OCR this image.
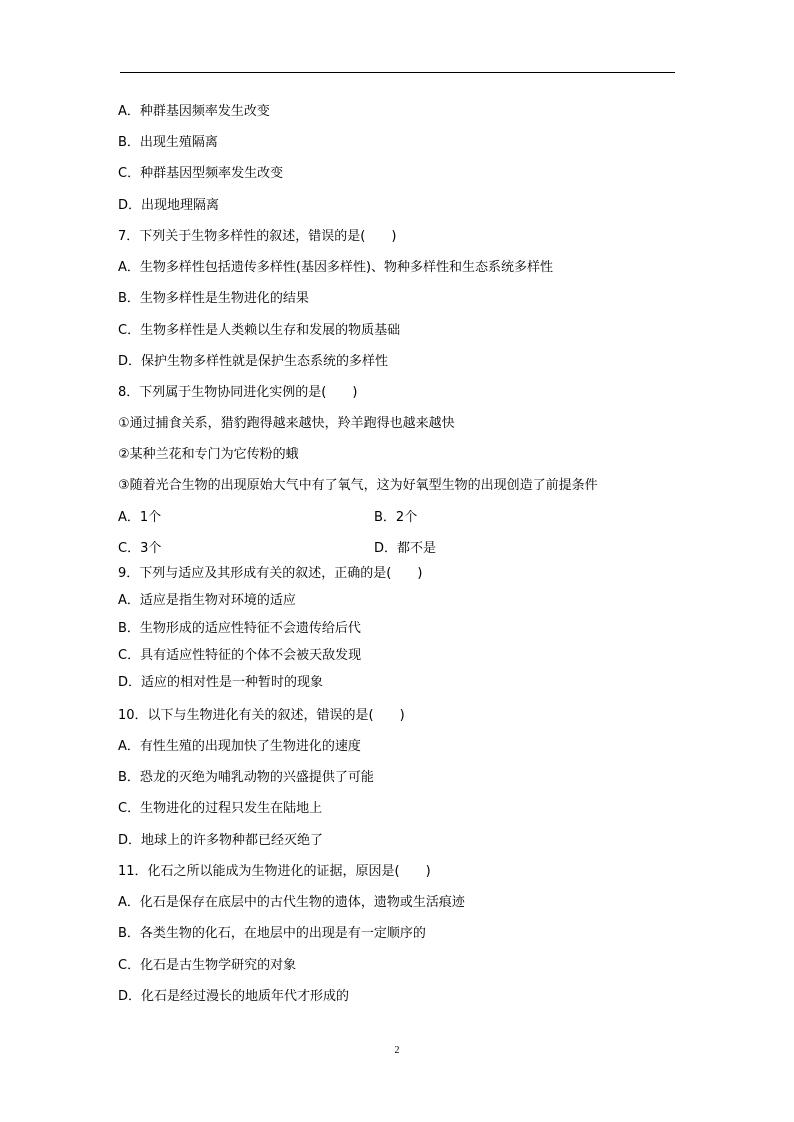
A．种群基因频率发生改变
B．出现生殖隔离
C．种群基因型频率发生改变
D．出现地理隔离
7．下列关于生物多样性的叙述，错误的是(　　)
A．生物多样性包括遗传多样性(基因多样性)、物种多样性和生态系统多样性
B．生物多样性是生物进化的结果
C．生物多样性是人类赖以生存和发展的物质基础
D．保护生物多样性就是保护生态系统的多样性
8．下列属于生物协同进化实例的是(　　)
①通过捕食关系，猎豹跑得越来越快，羚羊跑得也越来越快
②某种兰花和专门为它传粉的蛾
③随着光合生物的出现原始大气中有了氧气，这为好氧型生物的出现创造了前提条件
A．1个	B．2个
C．3个	D．都不是
9．下列与适应及其形成有关的叙述，正确的是(　　)
A．适应是指生物对环境的适应
B．生物形成的适应性特征不会遗传给后代
C．具有适应性特征的个体不会被天敌发现
D．适应的相对性是一种暂时的现象
10．以下与生物进化有关的叙述，错误的是(　　)
A．有性生殖的出现加快了生物进化的速度
B．恐龙的灭绝为哺乳动物的兴盛提供了可能
C．生物进化的过程只发生在陆地上
D．地球上的许多物种都已经灭绝了
11．化石之所以能成为生物进化的证据，原因是(　　)
A．化石是保存在底层中的古代生物的遗体，遗物或生活痕迹
B．各类生物的化石，在地层中的出现是有一定顺序的
C．化石是古生物学研究的对象
D．化石是经过漫长的地质年代才形成的
2
